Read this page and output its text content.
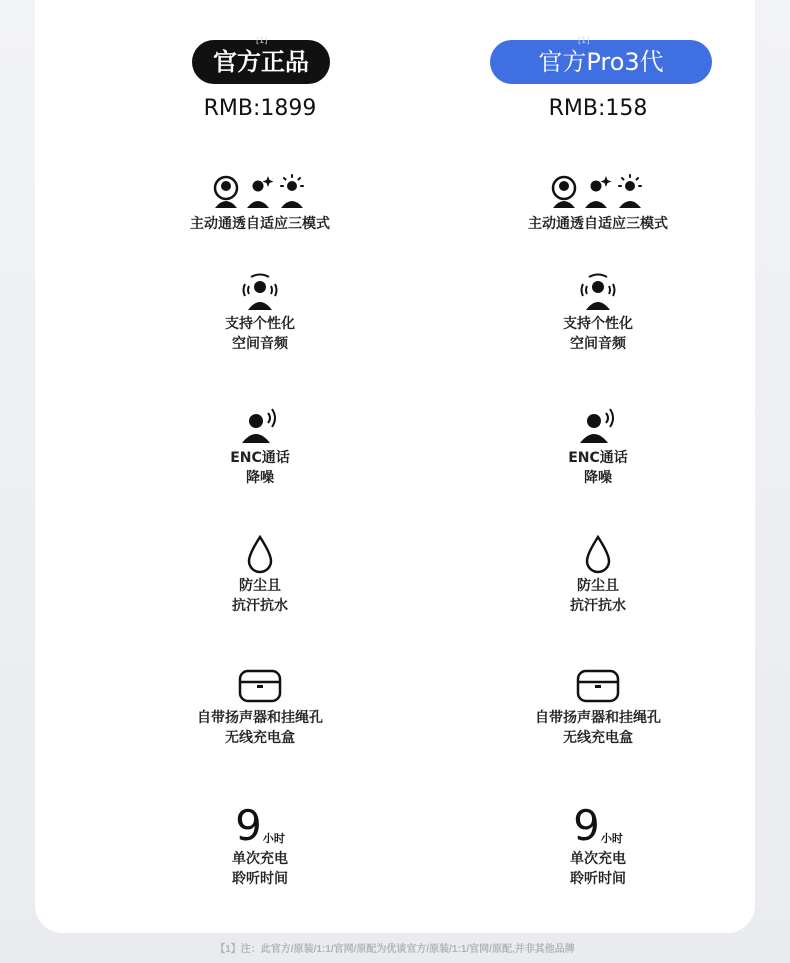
官方正品
[1]
RMB:1899
主动通透自适应三模式
支持个性化
空间音频
ENC通话
降噪
防尘且
抗汗抗水
自带扬声器和挂绳孔
无线充电盒
9 小时
单次充电
聆听时间
官方Pro3代
[1]
RMB:158
主动通透自适应三模式
支持个性化
空间音频
ENC通话
降噪
防尘且
抗汗抗水
自带扬声器和挂绳孔
无线充电盒
9 小时
单次充电
聆听时间
【1】注：此官方/原装/1:1/官网/原配为优谈官方/原装/1:1/官网/原配,并非其他品牌
